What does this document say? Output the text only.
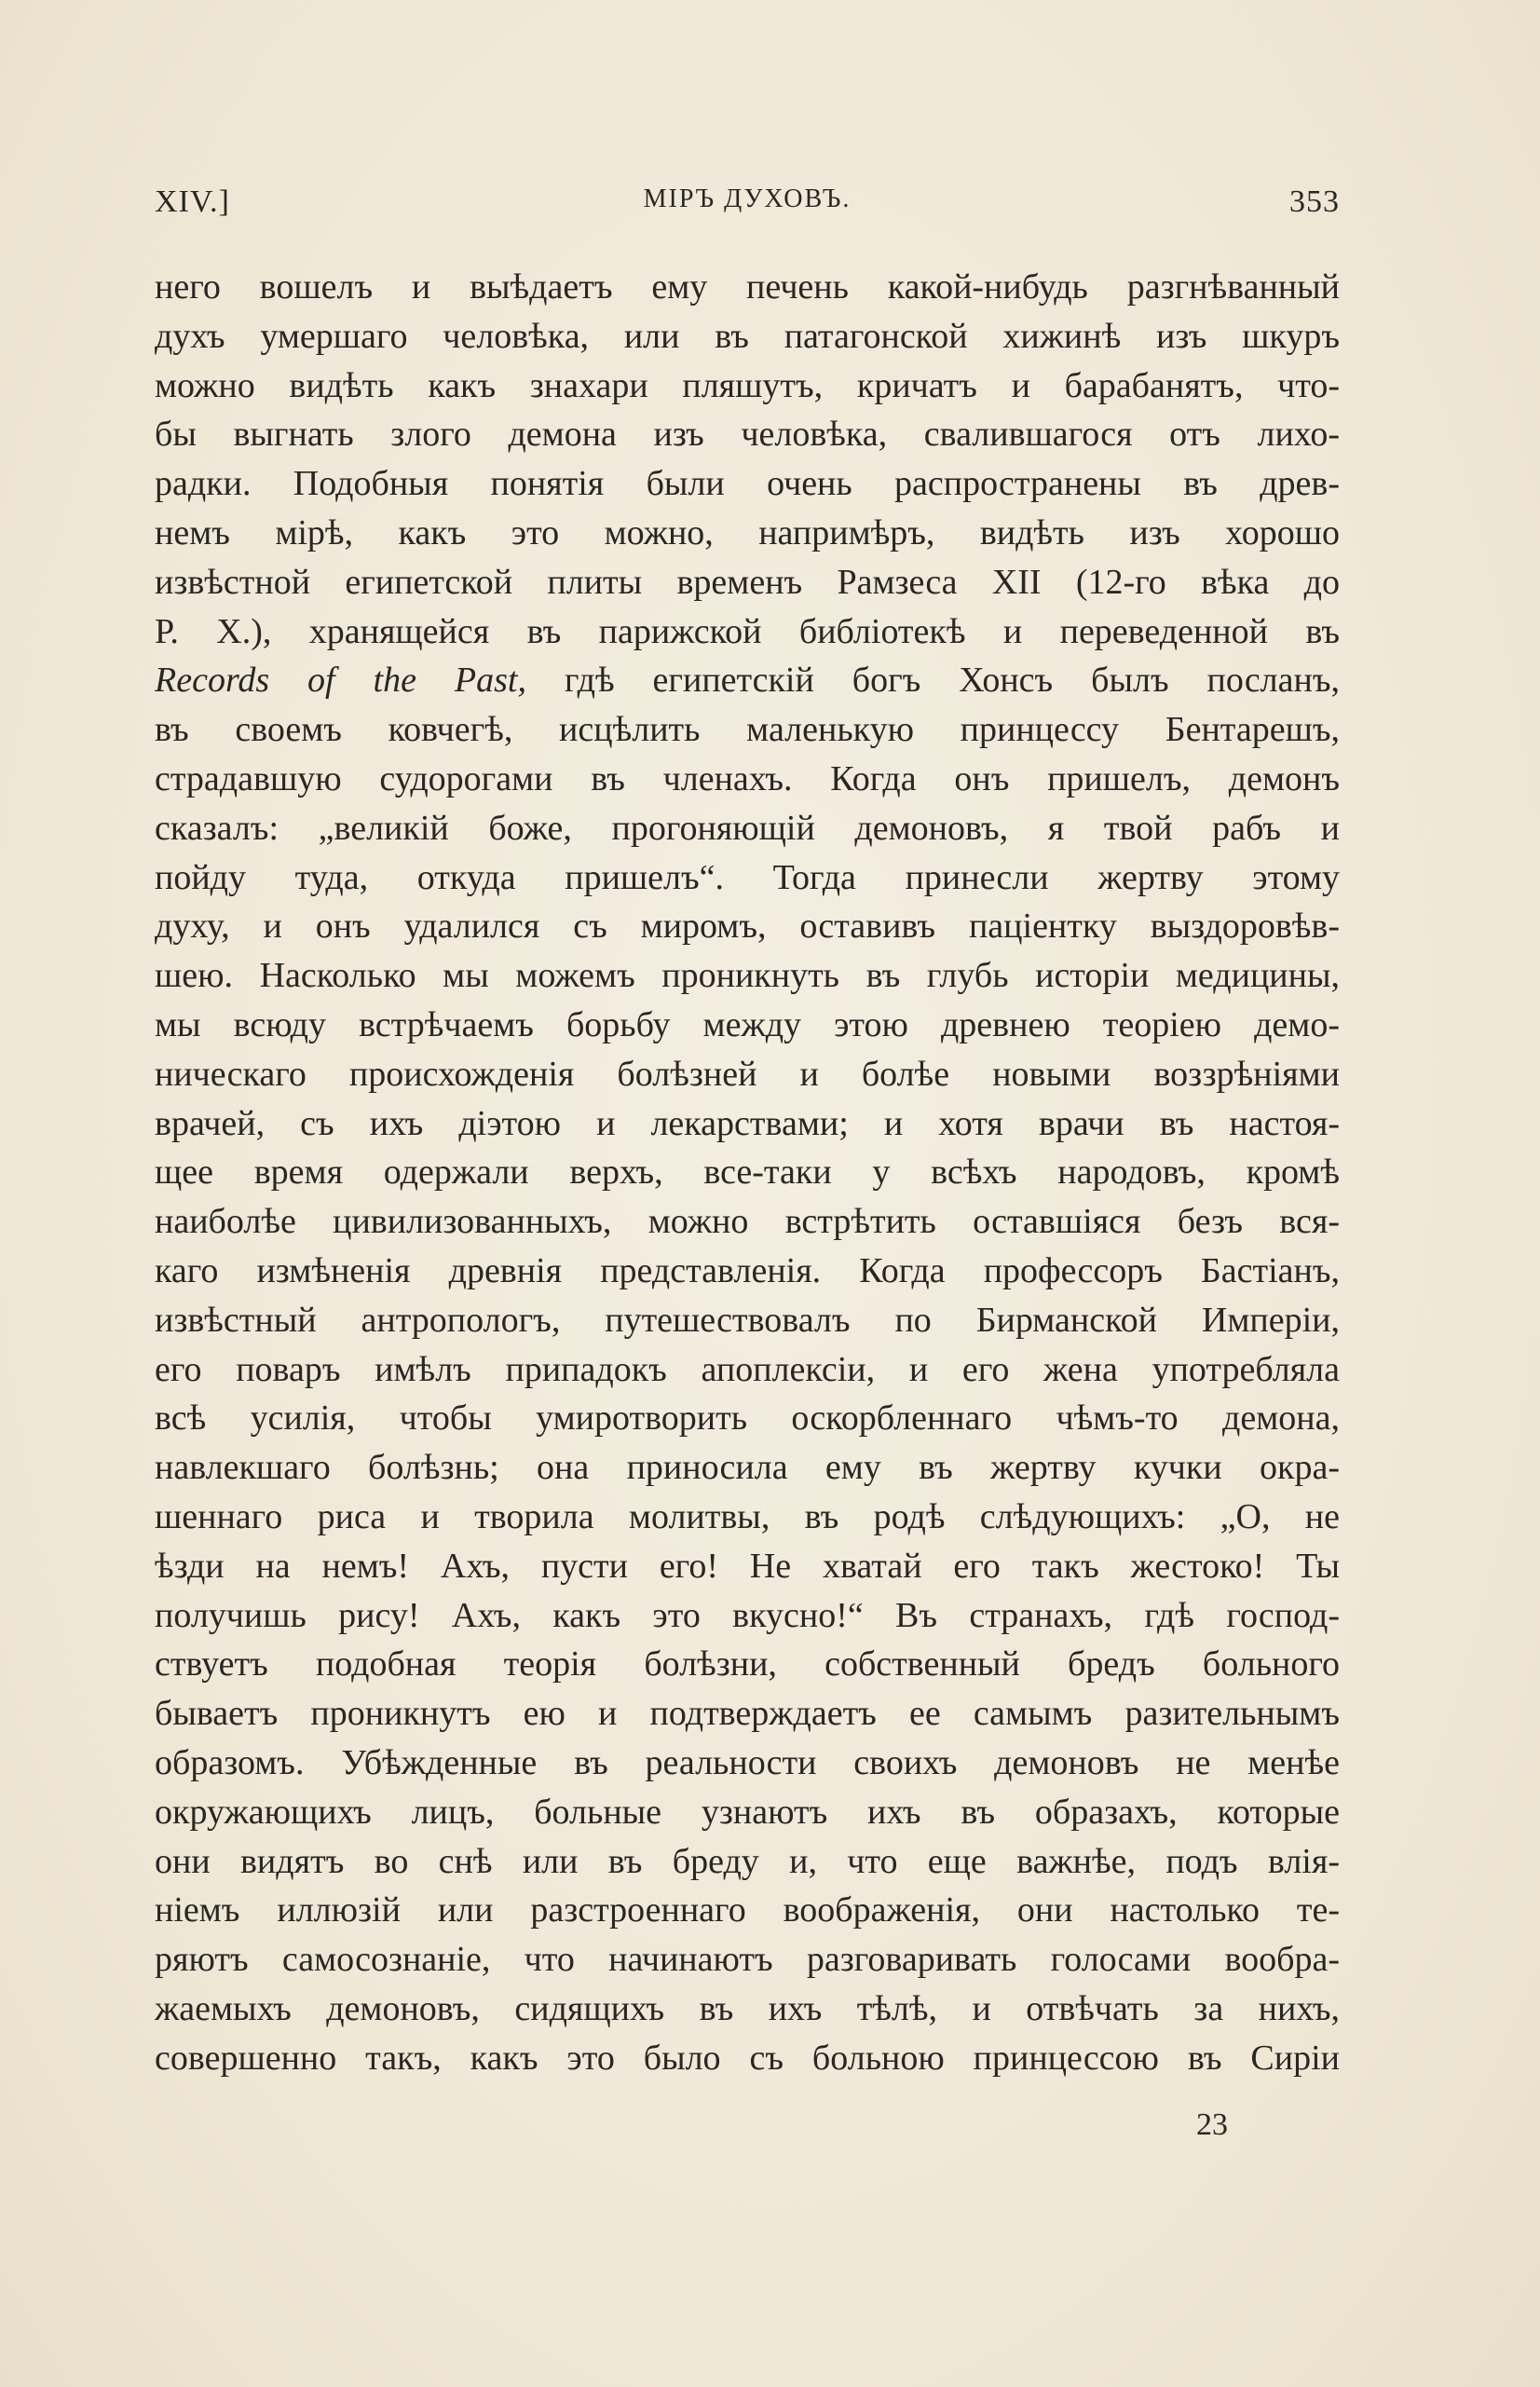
XIV.]	МІРЪ ДУХОВЪ.	353
него вошелъ и выѣдаетъ ему печень какой-нибудь разгнѣванный
духъ умершаго человѣка, или въ патагонской хижинѣ изъ шкуръ
можно видѣть какъ знахари пляшутъ, кричатъ и барабанятъ, что-
бы выгнать злого демона изъ человѣка, свалившагося отъ лихо-
радки. Подобныя понятія были очень распространены въ древ-
немъ мірѣ, какъ это можно, напримѣръ, видѣть изъ хорошо
извѣстной египетской плиты временъ Рамзеса XII (12-го вѣка до
Р. X.), хранящейся въ парижской библіотекѣ и переведенной въ
Records of the Past, гдѣ египетскій богъ Хонсъ былъ посланъ,
въ своемъ ковчегѣ, исцѣлить маленькую принцессу Бентарешъ,
страдавшую судорогами въ членахъ. Когда онъ пришелъ, демонъ
сказалъ: „великій боже, прогоняющій демоновъ, я твой рабъ и
пойду туда, откуда пришелъ“. Тогда принесли жертву этому
духу, и онъ удалился съ миромъ, оставивъ паціентку выздоровѣв-
шею. Насколько мы можемъ проникнуть въ глубь исторіи медицины,
мы всюду встрѣчаемъ борьбу между этою древнею теоріею демо-
ническаго происхожденія болѣзней и болѣе новыми воззрѣніями
врачей, съ ихъ діэтою и лекарствами; и хотя врачи въ настоя-
щее время одержали верхъ, все-таки у всѣхъ народовъ, кромѣ
наиболѣе цивилизованныхъ, можно встрѣтить оставшіяся безъ вся-
каго измѣненія древнія представленія. Когда профессоръ Бастіанъ,
извѣстный антропологъ, путешествовалъ по Бирманской Имперіи,
его поваръ имѣлъ припадокъ апоплексіи, и его жена употребляла
всѣ усилія, чтобы умиротворить оскорбленнаго чѣмъ-то демона,
навлекшаго болѣзнь; она приносила ему въ жертву кучки окра-
шеннаго риса и творила молитвы, въ родѣ слѣдующихъ: „О, не
ѣзди на немъ! Ахъ, пусти его! Не хватай его такъ жестоко! Ты
получишь рису! Ахъ, какъ это вкусно!“ Въ странахъ, гдѣ господ-
ствуетъ подобная теорія болѣзни, собственный бредъ больного
бываетъ проникнутъ ею и подтверждаетъ ее самымъ разительнымъ
образомъ. Убѣжденные въ реальности своихъ демоновъ не менѣе
окружающихъ лицъ, больные узнаютъ ихъ въ образахъ, которые
они видятъ во снѣ или въ бреду и, что еще важнѣе, подъ влія-
ніемъ иллюзій или разстроеннаго воображенія, они настолько те-
ряютъ самосознаніе, что начинаютъ разговаривать голосами вообра-
жаемыхъ демоновъ, сидящихъ въ ихъ тѣлѣ, и отвѣчать за нихъ,
совершенно такъ, какъ это было съ больною принцессою въ Сиріи
23
